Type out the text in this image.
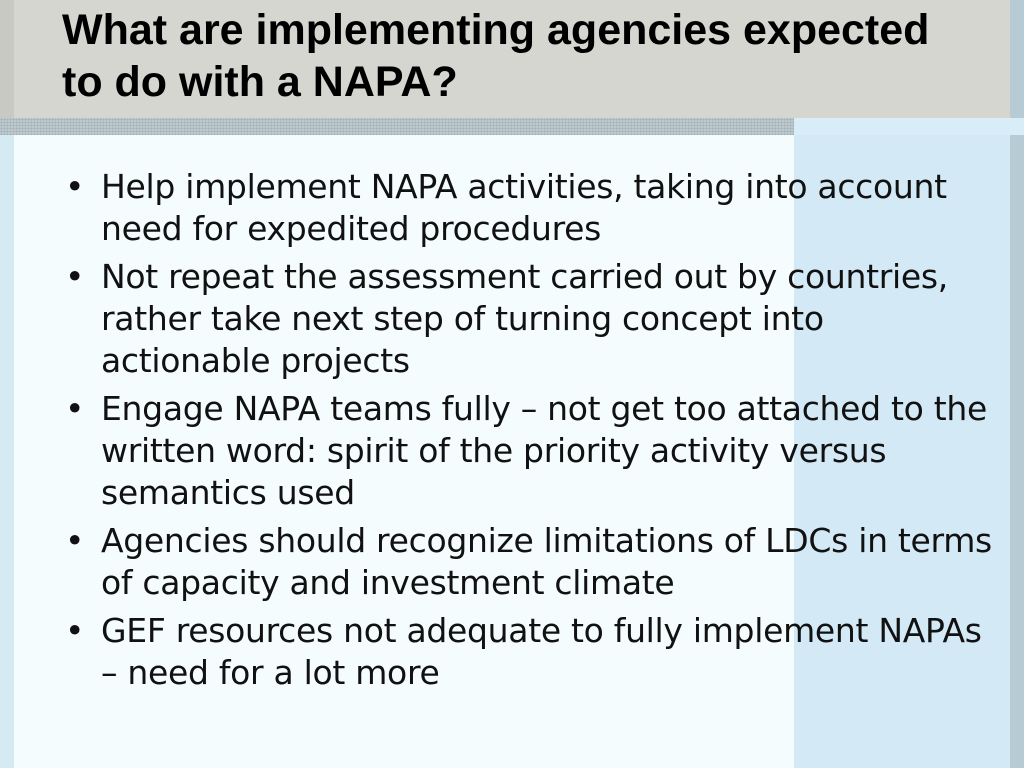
What are implementing agencies expected to do with a NAPA?
• Help implement NAPA activities, taking into account need for expedited procedures
• Not repeat the assessment carried out by countries, rather take next step of turning concept into actionable projects
• Engage NAPA teams fully – not get too attached to the written word: spirit of the priority activity versus semantics used
• Agencies should recognize limitations of LDCs in terms of capacity and investment climate
• GEF resources not adequate to fully implement NAPAs – need for a lot more
